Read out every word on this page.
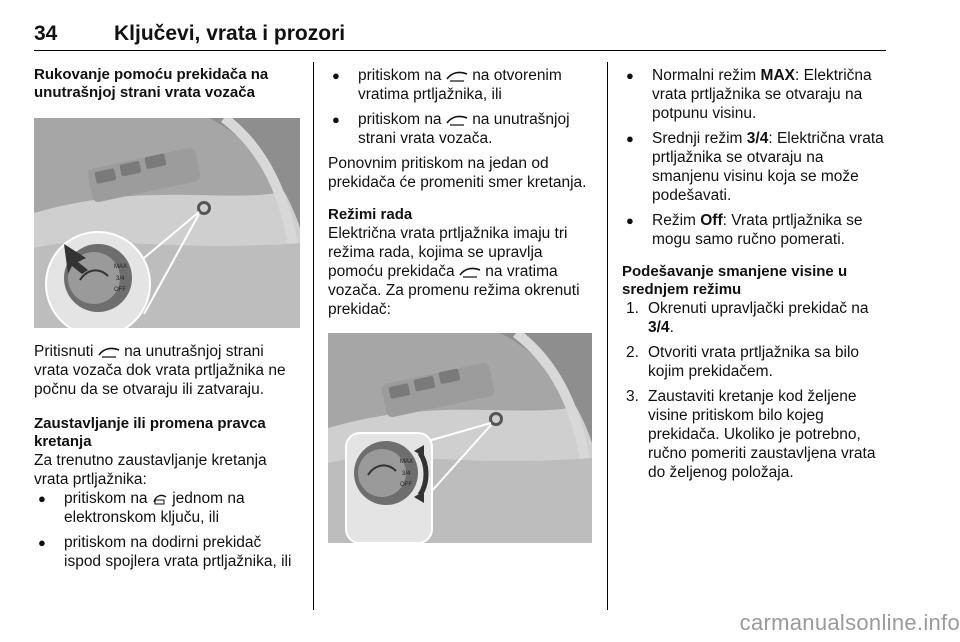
34	Ključevi, vrata i prozori
Rukovanje pomoću prekidača na unutrašnjoj strani vrata vozača
MAX
3/4
OFF

Pritisnuti na unutrašnjoj strani vrata vozača dok vrata prtljažnika ne počnu da se otvaraju ili zatvaraju.

Zaustavljanje ili promena pravca kretanja

Za trenutno zaustavljanje kretanja vrata prtljažnika:

● pritiskom na jednom na elektronskom ključu, ili
● pritiskom na dodirni prekidač ispod spojlera vrata prtljažnika, ili
● pritiskom na na otvorenim vratima prtljažnika, ili
● pritiskom na na unutrašnjoj strani vrata vozača.

Ponovnim pritiskom na jedan od prekidača će promeniti smer kretanja.

Režimi rada

Električna vrata prtljažnika imaju tri režima rada, kojima se upravlja pomoću prekidača na vratima vozača. Za promenu režima okrenuti prekidač:

MAX
3/4
OFF
● Normalni režim MAX: Električna vrata prtljažnika se otvaraju na potpunu visinu.
● Srednji režim 3/4: Električna vrata prtljažnika se otvaraju na smanjenu visinu koja se može podešavati.
● Režim Off: Vrata prtljažnika se mogu samo ručno pomerati.
Podešavanje smanjene visine u srednjem režimu
1. Okrenuti upravljački prekidač na 3/4.
2. Otvoriti vrata prtljažnika sa bilo kojim prekidačem.
3. Zaustaviti kretanje kod željene visine pritiskom bilo kojeg prekidača. Ukoliko je potrebno, ručno pomeriti zaustavljena vrata do željenog položaja.
carmanualsonline.info
